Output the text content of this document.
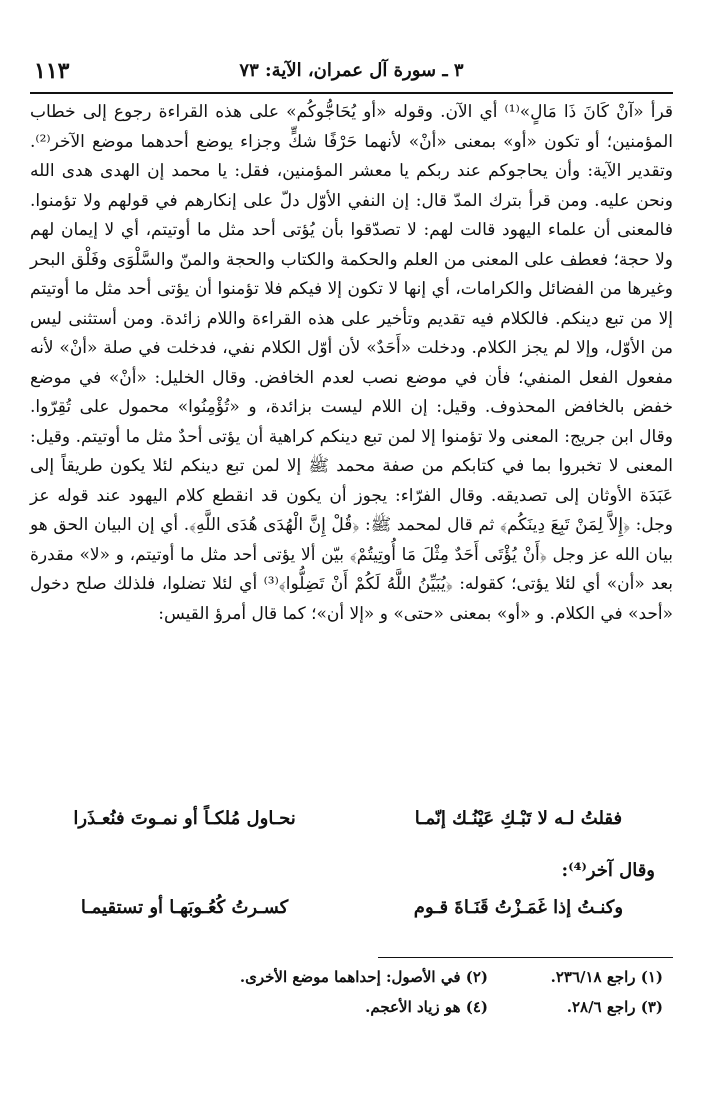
١١٣	٣ ـ سورة آل عمران، الآية: ٧٣

قرأ «آنْ كَانَ ذَا مَالٍ»⁽¹⁾ أي الآن. وقوله «أو يُحَاجُّوكُم» على هذه القراءة رجوع إلى خطاب المؤمنين؛ أو تكون «أو» بمعنى «أنْ» لأنهما حَرْفًا شكٍّ وجزاء يوضع أحدهما موضع الآخر⁽²⁾. وتقدير الآية: وأن يحاجوكم عند ربكم يا معشر المؤمنين، فقل: يا محمد إن الهدى هدى الله ونحن عليه. ومن قرأ بترك المدّ قال: إن النفي الأوّل دلّ على إنكارهم في قولهم ولا تؤمنوا. فالمعنى أن علماء اليهود قالت لهم: لا تصدّقوا بأن يُؤتى أحد مثل ما أوتيتم، أي لا إيمان لهم ولا حجة؛ فعطف على المعنى من العلم والحكمة والكتاب والحجة والمنّ والسَّلْوَى وفَلْق البحر وغيرها من الفضائل والكرامات، أي إنها لا تكون إلا فيكم فلا تؤمنوا أن يؤتى أحد مثل ما أوتيتم إلا من تبع دينكم. فالكلام فيه تقديم وتأخير على هذه القراءة واللام زائدة. ومن أستثنى ليس من الأوّل، وإلا لم يجز الكلام. ودخلت «أَحَدٌ» لأن أوّل الكلام نفي، فدخلت في صلة «أنْ» لأنه مفعول الفعل المنفي؛ فأن في موضع نصب لعدم الخافض. وقال الخليل: «أنْ» في موضع خفض بالخافض المحذوف. وقيل: إن اللام ليست بزائدة، و «تُؤْمِنُوا» محمول على تُقِرّوا. وقال ابن جريج: المعنى ولا تؤمنوا إلا لمن تبع دينكم كراهية أن يؤتى أحدٌ مثل ما أوتيتم. وقيل: المعنى لا تخبروا بما في كتابكم من صفة محمد ﷺ إلا لمن تبع دينكم لئلا يكون طريقاً إلى عَبَدَة الأوثان إلى تصديقه. وقال الفرّاء: يجوز أن يكون قد انقطع كلام اليهود عند قوله عز وجل: ﴿إِلاَّ لِمَنْ تَبِعَ دِينَكُم﴾ ثم قال لمحمد ﷺ: ﴿قُلْ إِنَّ الْهُدَى هُدَى اللَّهِ﴾. أي إن البيان الحق هو بيان الله عز وجل ﴿أَنْ يُؤْتَى أَحَدٌ مِثْلَ مَا أُوتِيتُمْ﴾ بيّن ألا يؤتى أحد مثل ما أوتيتم، و «لا» مقدرة بعد «أن» أي لئلا يؤتى؛ كقوله: ﴿يُبَيِّنُ اللَّهُ لَكُمْ أَنْ تَضِلُّوا﴾⁽³⁾ أي لئلا تضلوا، فلذلك صلح دخول «أحد» في الكلام. و «أو» بمعنى «حتى» و «إلا أن»؛ كما قال أمرؤ القيس:

فقلتُ لـه لا تَبْـكِ عَيْنُـك إنّمـا
نحـاول مُلكـاً أو نمـوتَ فنُعـذَرا
وقال آخر⁽⁴⁾:
وكنـتُ إذا غَمَـزْتُ قَنَـاةَ قـوم
كسـرتُ كُعُـوبَهـا أو تستقيمـا
(١) راجع ٢٣٦/١٨.
(٢) في الأصول: إحداهما موضع الأخرى.
(٣) راجع ٢٨/٦.
(٤) هو زياد الأعجم.
